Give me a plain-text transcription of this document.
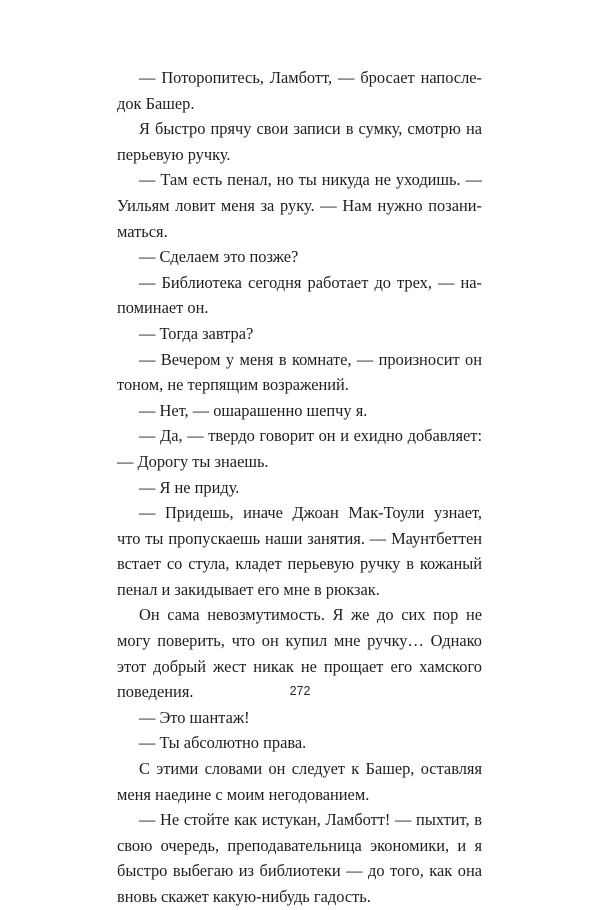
— Поторопитесь, Ламботт, — бросает напоследок Башер.

Я быстро прячу свои записи в сумку, смотрю на перьевую ручку.

— Там есть пенал, но ты никуда не уходишь. — Уильям ловит меня за руку. — Нам нужно позаниматься.

— Сделаем это позже?

— Библиотека сегодня работает до трех, — напоминает он.

— Тогда завтра?

— Вечером у меня в комнате, — произносит он тоном, не терпящим возражений.

— Нет, — ошарашенно шепчу я.

— Да, — твердо говорит он и ехидно добавляет: — Дорогу ты знаешь.

— Я не приду.

— Придешь, иначе Джоан Мак-Тоули узнает, что ты пропускаешь наши занятия. — Маунтбеттен встает со стула, кладет перьевую ручку в кожаный пенал и закидывает его мне в рюкзак.

Он сама невозмутимость. Я же до сих пор не могу поверить, что он купил мне ручку… Однако этот добрый жест никак не прощает его хамского поведения.

— Это шантаж!

— Ты абсолютно права.

С этими словами он следует к Башер, оставляя меня наедине с моим негодованием.

— Не стойте как истукан, Ламботт! — пыхтит, в свою очередь, преподавательница экономики, и я быстро выбегаю из библиотеки — до того, как она вновь скажет какую-нибудь гадость.

272
